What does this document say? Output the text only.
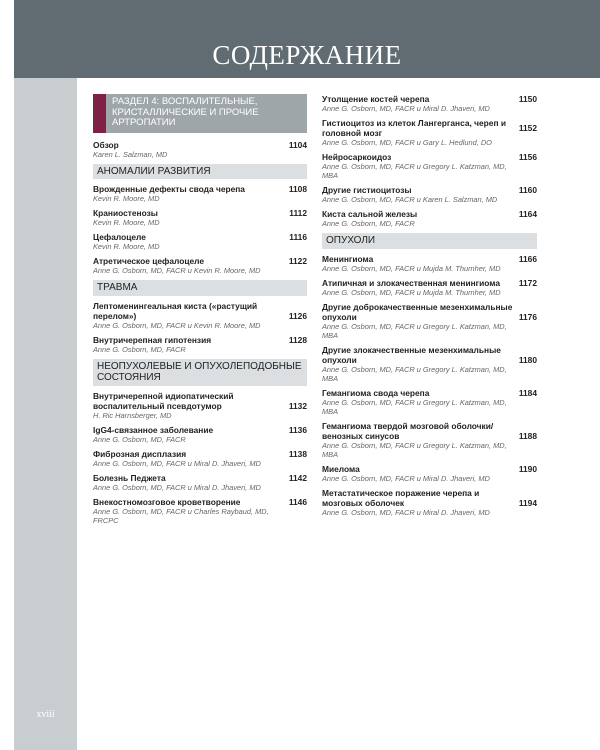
СОДЕРЖАНИЕ
xviii
РАЗДЕЛ 4: ВОСПАЛИТЕЛЬНЫЕ, КРИСТАЛЛИЧЕСКИЕ И ПРОЧИЕ АРТРОПАТИИ
Обзор
Karen L. Salzman, MD
1104
АНОМАЛИИ РАЗВИТИЯ
Врожденные дефекты свода черепа
Kevin R. Moore, MD
1108
Краниостенозы
Kevin R. Moore, MD
1112
Цефалоцеле
Kevin R. Moore, MD
1116
Атретическое цефалоцеле
Anne G. Osborn, MD, FACR и Kevin R. Moore, MD
1122
ТРАВМА
Лептоменингеальная киста («растущий перелом»)
Anne G. Osborn, MD, FACR и Kevin R. Moore, MD
1126
Внутричерепная гипотензия
Anne G. Osborn, MD, FACR
1128
НЕОПУХОЛЕВЫЕ И ОПУХОЛЕПОДОБНЫЕ СОСТОЯНИЯ
Внутричерепной идиопатический воспалительный псевдотумор
H. Ric Harnsberger, MD
1132
IgG4-связанное заболевание
Anne G. Osborn, MD, FACR
1136
Фиброзная дисплазия
Anne G. Osborn, MD, FACR и Miral D. Jhaveri, MD
1138
Болезнь Педжета
Anne G. Osborn, MD, FACR и Miral D. Jhaveri, MD
1142
Внекостномозговое кроветворение
Anne G. Osborn, MD, FACR и Charles Raybaud, MD, FRCPC
1146
Утолщение костей черепа
Anne G. Osborn, MD, FACR и Miral D. Jhaveri, MD
1150
Гистиоцитоз из клеток Лангерганса, череп и головной мозг
Anne G. Osborn, MD, FACR и Gary L. Hedlund, DO
1152
Нейросаркоидоз
Anne G. Osborn, MD, FACR и Gregory L. Katzman, MD, MBA
1156
Другие гистиоцитозы
Anne G. Osborn, MD, FACR и Karen L. Salzman, MD
1160
Киста сальной железы
Anne G. Osborn, MD, FACR
1164
ОПУХОЛИ
Менингиома
Anne G. Osborn, MD, FACR и Mujda M. Thurnher, MD
1166
Атипичная и злокачественная менингиома
Anne G. Osborn, MD, FACR и Mujda M. Thurnher, MD
1172
Другие доброкачественные мезенхимальные опухоли
Anne G. Osborn, MD, FACR и Gregory L. Katzman, MD, MBA
1176
Другие злокачественные мезенхимальные опухоли
Anne G. Osborn, MD, FACR и Gregory L. Katzman, MD, MBA
1180
Гемангиома свода черепа
Anne G. Osborn, MD, FACR и Gregory L. Katzman, MD, MBA
1184
Гемангиома твердой мозговой оболочки/венозных синусов
Anne G. Osborn, MD, FACR и Gregory L. Katzman, MD, MBA
1188
Миелома
Anne G. Osborn, MD, FACR и Miral D. Jhaveri, MD
1190
Метастатическое поражение черепа и мозговых оболочек
Anne G. Osborn, MD, FACR и Miral D. Jhaveri, MD
1194
